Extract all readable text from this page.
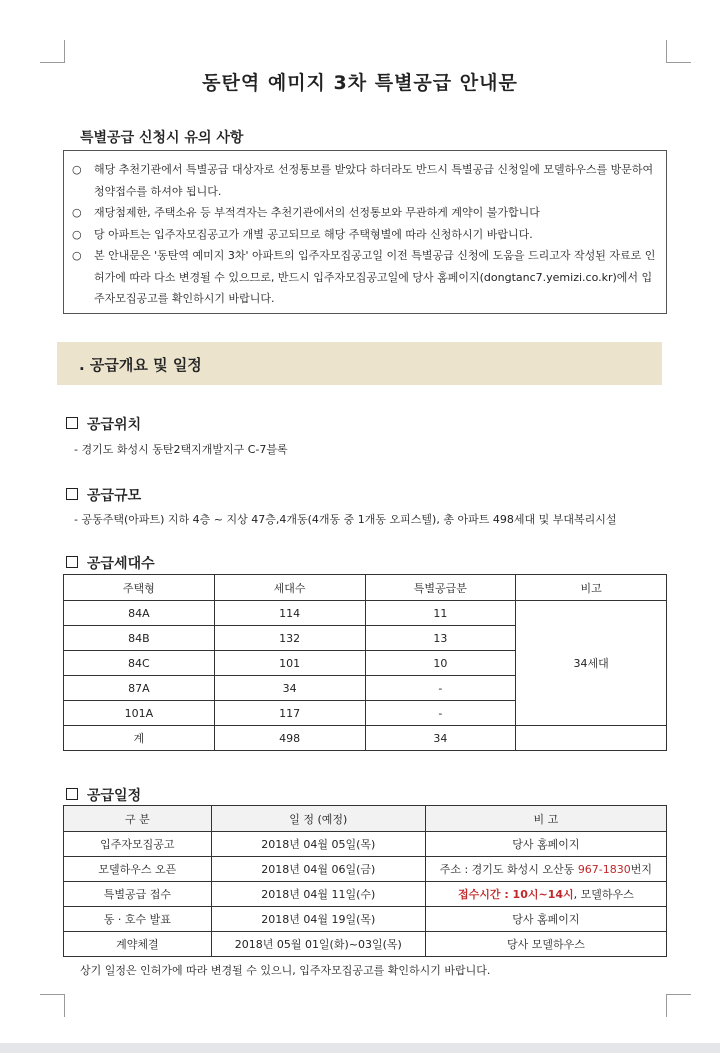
동탄역 예미지 3차 특별공급 안내문
특별공급 신청시 유의 사항
○ 해당 추천기관에서 특별공급 대상자로 선정통보를 받았다 하더라도 반드시 특별공급 신청일에 모델하우스를 방문하여 청약접수를 하셔야 됩니다.
○ 재당첨제한, 주택소유 등 부적격자는 추천기관에서의 선정통보와 무관하게 계약이 불가합니다
○ 당 아파트는 입주자모집공고가 개별 공고되므로 해당 주택형별에 따라 신청하시기 바랍니다.
○ 본 안내문은 '동탄역 예미지 3차' 아파트의 입주자모집공고일 이전 특별공급 신청에 도움을 드리고자 작성된 자료로 인허가에 따라 다소 변경될 수 있으므로, 반드시 입주자모집공고일에 당사 홈페이지(dongtanc7.yemizi.co.kr)에서 입주자모집공고를 확인하시기 바랍니다.
. 공급개요 및 일정
공급위치
- 경기도 화성시 동탄2택지개발지구 C-7블록
공급규모
- 공동주택(아파트) 지하 4층 ~ 지상 47층,4개동(4개동 중 1개동 오피스텔), 총 아파트 498세대 및 부대복리시설
공급세대수
주택형	세대수	특별공급분	비고
84A	114	11	34세대
84B	132	13	
84C	101	10	
87A	34	-	
101A	117	-	
계	498	34	
공급일정
구 분	일 정 (예정)	비 고
입주자모집공고	2018년 04월 05일(목)	당사 홈페이지
모델하우스 오픈	2018년 04월 06일(금)	주소 : 경기도 화성시 오산동 967-1830번지
특별공급 접수	2018년 04월 11일(수)	접수시간 : 10시~14시, 모델하우스
동 · 호수 발표	2018년 04월 19일(목)	당사 홈페이지
계약체결	2018년 05월 01일(화)~03일(목)	당사 모델하우스
상기 일정은 인허가에 따라 변경될 수 있으니, 입주자모집공고를 확인하시기 바랍니다.
